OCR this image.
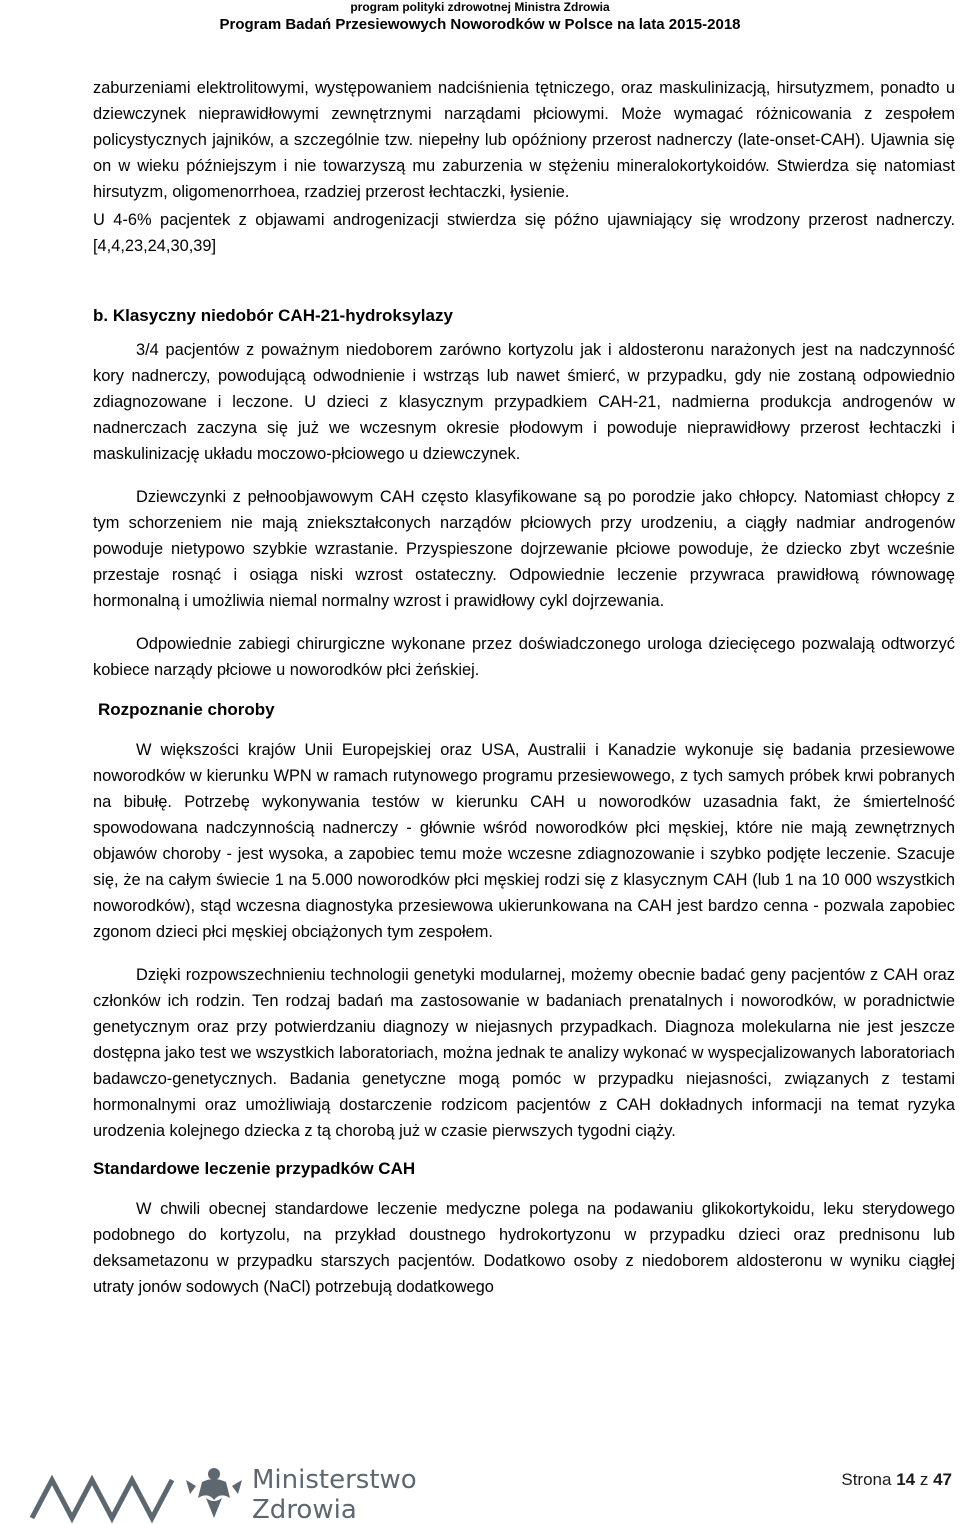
program polityki zdrowotnej Ministra Zdrowia
Program Badań Przesiewowych Noworodków w Polsce na lata 2015-2018

zaburzeniami elektrolitowymi, występowaniem nadciśnienia tętniczego, oraz maskulinizacją, hirsutyzmem, ponadto u dziewczynek nieprawidłowymi zewnętrznymi narządami płciowymi. Może wymagać różnicowania z zespołem policystycznych jajników, a szczególnie tzw. niepełny lub opóźniony przerost nadnerczy (late-onset-CAH). Ujawnia się on w wieku późniejszym i nie towarzyszą mu zaburzenia w stężeniu mineralokortykoidów. Stwierdza się natomiast hirsutyzm, oligomenorrhoea, rzadziej przerost łechtaczki, łysienie.

U 4-6% pacjentek z objawami androgenizacji stwierdza się późno ujawniający się wrodzony przerost nadnerczy. [4,4,23,24,30,39]

b. Klasyczny niedobór CAH-21-hydroksylazy

3/4 pacjentów z poważnym niedoborem zarówno kortyzolu jak i aldosteronu narażonych jest na nadczynność kory nadnerczy, powodującą odwodnienie i wstrząs lub nawet śmierć, w przypadku, gdy nie zostaną odpowiednio zdiagnozowane i leczone. U dzieci z klasycznym przypadkiem CAH-21, nadmierna produkcja androgenów w nadnerczach zaczyna się już we wczesnym okresie płodowym i powoduje nieprawidłowy przerost łechtaczki i maskulinizację układu moczowo-płciowego u dziewczynek.

Dziewczynki z pełnoobjawowym CAH często klasyfikowane są po porodzie jako chłopcy. Natomiast chłopcy z tym schorzeniem nie mają zniekształconych narządów płciowych przy urodzeniu, a ciągły nadmiar androgenów powoduje nietypowo szybkie wzrastanie. Przyspieszone dojrzewanie płciowe powoduje, że dziecko zbyt wcześnie przestaje rosnąć i osiąga niski wzrost ostateczny. Odpowiednie leczenie przywraca prawidłową równowagę hormonalną i umożliwia niemal normalny wzrost i prawidłowy cykl dojrzewania.

Odpowiednie zabiegi chirurgiczne wykonane przez doświadczonego urologa dziecięcego pozwalają odtworzyć kobiece narządy płciowe u noworodków płci żeńskiej.

Rozpoznanie choroby

W większości krajów Unii Europejskiej oraz USA, Australii i Kanadzie wykonuje się badania przesiewowe noworodków w kierunku WPN w ramach rutynowego programu przesiewowego, z tych samych próbek krwi pobranych na bibułę. Potrzebę wykonywania testów w kierunku CAH u noworodków uzasadnia fakt, że śmiertelność spowodowana nadczynnością nadnerczy - głównie wśród noworodków płci męskiej, które nie mają zewnętrznych objawów choroby - jest wysoka, a zapobiec temu może wczesne zdiagnozowanie i szybko podjęte leczenie. Szacuje się, że na całym świecie 1 na 5.000 noworodków płci męskiej rodzi się z klasycznym CAH (lub 1 na 10 000 wszystkich noworodków), stąd wczesna diagnostyka przesiewowa ukierunkowana na CAH jest bardzo cenna - pozwala zapobiec zgonom dzieci płci męskiej obciążonych tym zespołem.

Dzięki rozpowszechnieniu technologii genetyki modularnej, możemy obecnie badać geny pacjentów z CAH oraz członków ich rodzin. Ten rodzaj badań ma zastosowanie w badaniach prenatalnych i noworodków, w poradnictwie genetycznym oraz przy potwierdzaniu diagnozy w niejasnych przypadkach. Diagnoza molekularna nie jest jeszcze dostępna jako test we wszystkich laboratoriach, można jednak te analizy wykonać w wyspecjalizowanych laboratoriach badawczo-genetycznych. Badania genetyczne mogą pomóc w przypadku niejasności, związanych z testami hormonalnymi oraz umożliwiają dostarczenie rodzicom pacjentów z CAH dokładnych informacji na temat ryzyka urodzenia kolejnego dziecka z tą chorobą już w czasie pierwszych tygodni ciąży.

Standardowe leczenie przypadków CAH

W chwili obecnej standardowe leczenie medyczne polega na podawaniu glikokortykoidu, leku sterydowego podobnego do kortyzolu, na przykład doustnego hydrokortyzonu w przypadku dzieci oraz prednisonu lub deksametazonu w przypadku starszych pacjentów. Dodatkowo osoby z niedoborem aldosteronu w wyniku ciągłej utraty jonów sodowych (NaCl) potrzebują dodatkowego

Ministerstwo
Zdrowia
Strona 14 z 47
